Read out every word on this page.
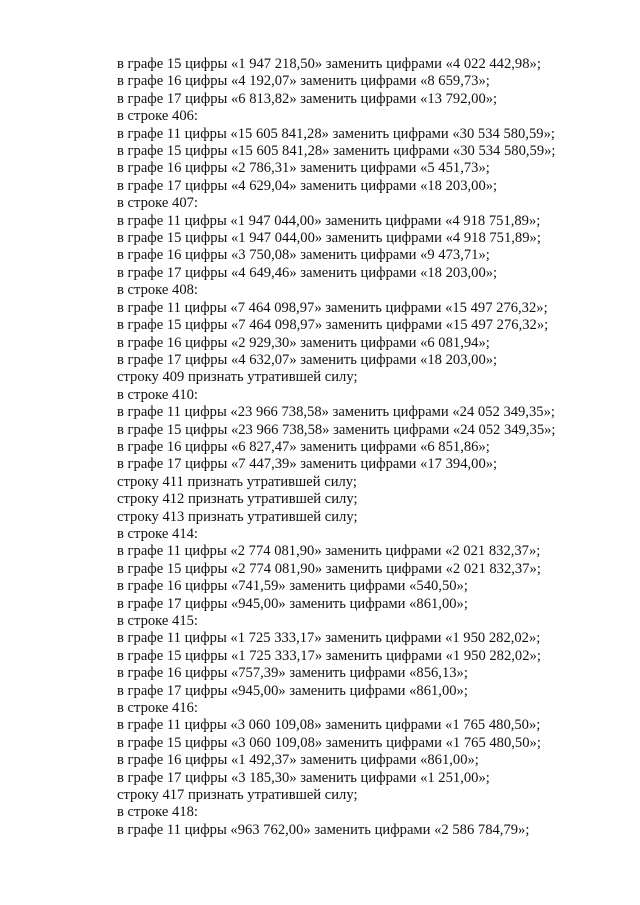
в графе 15 цифры «1 947 218,50» заменить цифрами «4 022 442,98»;
в графе 16 цифры «4 192,07» заменить цифрами «8 659,73»;
в графе 17 цифры «6 813,82» заменить цифрами «13 792,00»;
в строке 406:
в графе 11 цифры «15 605 841,28» заменить цифрами «30 534 580,59»;
в графе 15 цифры «15 605 841,28» заменить цифрами «30 534 580,59»;
в графе 16 цифры «2 786,31» заменить цифрами «5 451,73»;
в графе 17 цифры «4 629,04» заменить цифрами «18 203,00»;
в строке 407:
в графе 11 цифры «1 947 044,00» заменить цифрами «4 918 751,89»;
в графе 15 цифры «1 947 044,00» заменить цифрами «4 918 751,89»;
в графе 16 цифры «3 750,08» заменить цифрами «9 473,71»;
в графе 17 цифры «4 649,46» заменить цифрами «18 203,00»;
в строке 408:
в графе 11 цифры «7 464 098,97» заменить цифрами «15 497 276,32»;
в графе 15 цифры «7 464 098,97» заменить цифрами «15 497 276,32»;
в графе 16 цифры «2 929,30» заменить цифрами «6 081,94»;
в графе 17 цифры «4 632,07» заменить цифрами «18 203,00»;
строку 409 признать утратившей силу;
в строке 410:
в графе 11 цифры «23 966 738,58» заменить цифрами «24 052 349,35»;
в графе 15 цифры «23 966 738,58» заменить цифрами «24 052 349,35»;
в графе 16 цифры «6 827,47» заменить цифрами «6 851,86»;
в графе 17 цифры «7 447,39» заменить цифрами «17 394,00»;
строку 411 признать утратившей силу;
строку 412 признать утратившей силу;
строку 413 признать утратившей силу;
в строке 414:
в графе 11 цифры «2 774 081,90» заменить цифрами «2 021 832,37»;
в графе 15 цифры «2 774 081,90» заменить цифрами «2 021 832,37»;
в графе 16 цифры «741,59» заменить цифрами «540,50»;
в графе 17 цифры «945,00» заменить цифрами «861,00»;
в строке 415:
в графе 11 цифры «1 725 333,17» заменить цифрами «1 950 282,02»;
в графе 15 цифры «1 725 333,17» заменить цифрами «1 950 282,02»;
в графе 16 цифры «757,39» заменить цифрами «856,13»;
в графе 17 цифры «945,00» заменить цифрами «861,00»;
в строке 416:
в графе 11 цифры «3 060 109,08» заменить цифрами «1 765 480,50»;
в графе 15 цифры «3 060 109,08» заменить цифрами «1 765 480,50»;
в графе 16 цифры «1 492,37» заменить цифрами «861,00»;
в графе 17 цифры «3 185,30» заменить цифрами «1 251,00»;
строку 417 признать утратившей силу;
в строке 418:
в графе 11 цифры «963 762,00» заменить цифрами «2 586 784,79»;
